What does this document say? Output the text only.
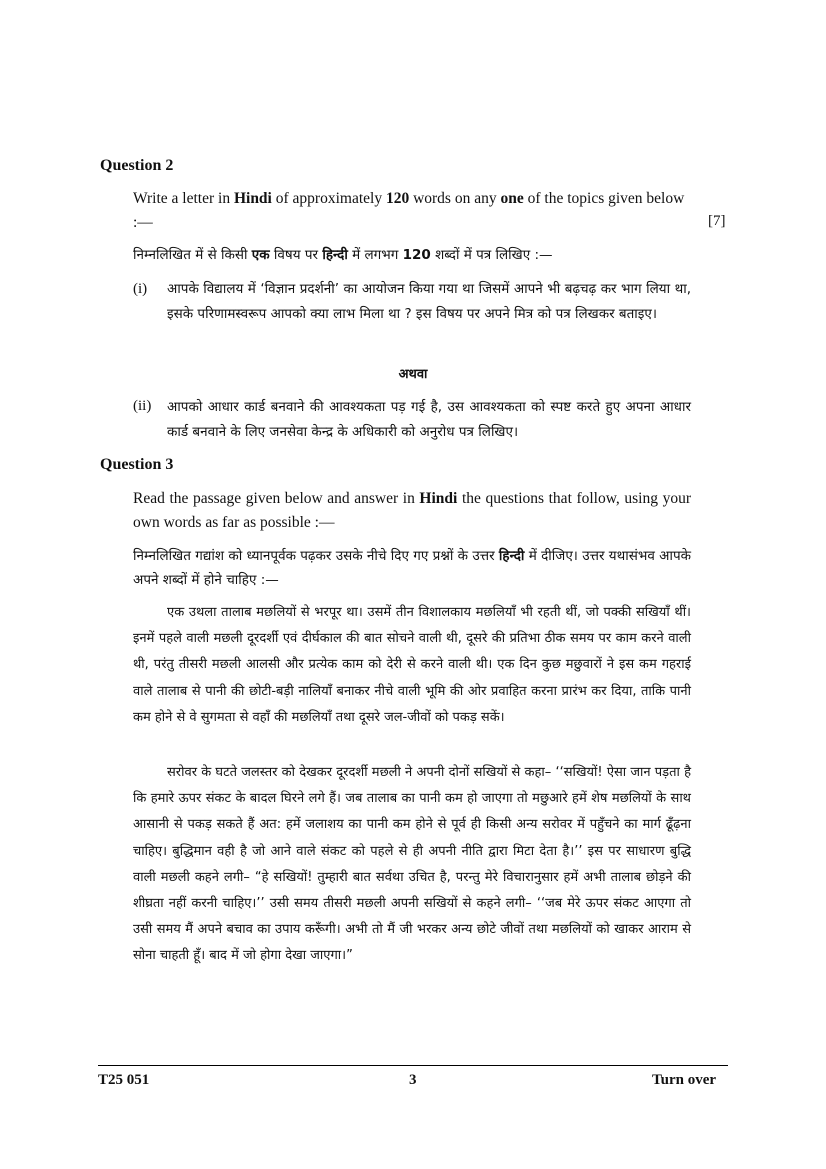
Question 2
Write a letter in Hindi of approximately 120 words on any one of the topics given below :—	[7]
निम्नलिखित में से किसी एक विषय पर हिन्दी में लगभग 120 शब्दों में पत्र लिखिए :—
(i) आपके विद्यालय में ‘विज्ञान प्रदर्शनी’ का आयोजन किया गया था जिसमें आपने भी बढ़चढ़ कर भाग लिया था, इसके परिणामस्वरूप आपको क्या लाभ मिला था ? इस विषय पर अपने मित्र को पत्र लिखकर बताइए।
अथवा
(ii) आपको आधार कार्ड बनवाने की आवश्यकता पड़ गई है, उस आवश्यकता को स्पष्ट करते हुए अपना आधार कार्ड बनवाने के लिए जनसेवा केन्द्र के अधिकारी को अनुरोध पत्र लिखिए।
Question 3
Read the passage given below and answer in Hindi the questions that follow, using your own words as far as possible :—
निम्नलिखित गद्यांश को ध्यानपूर्वक पढ़कर उसके नीचे दिए गए प्रश्नों के उत्तर हिन्दी में दीजिए। उत्तर यथासंभव आपके अपने शब्दों में होने चाहिए :—
एक उथला तालाब मछलियों से भरपूर था। उसमें तीन विशालकाय मछलियाँ भी रहती थीं, जो पक्की सखियाँ थीं। इनमें पहले वाली मछली दूरदर्शी एवं दीर्घकाल की बात सोचने वाली थी, दूसरे की प्रतिभा ठीक समय पर काम करने वाली थी, परंतु तीसरी मछली आलसी और प्रत्येक काम को देरी से करने वाली थी। एक दिन कुछ मछुवारों ने इस कम गहराई वाले तालाब से पानी की छोटी-बड़ी नालियाँ बनाकर नीचे वाली भूमि की ओर प्रवाहित करना प्रारंभ कर दिया, ताकि पानी कम होने से वे सुगमता से वहाँ की मछलियाँ तथा दूसरे जल-जीवों को पकड़ सकें।
सरोवर के घटते जलस्तर को देखकर दूरदर्शी मछली ने अपनी दोनों सखियों से कहा– ‘‘सखियों! ऐसा जान पड़ता है कि हमारे ऊपर संकट के बादल घिरने लगे हैं। जब तालाब का पानी कम हो जाएगा तो मछुआरे हमें शेष मछलियों के साथ आसानी से पकड़ सकते हैं अत: हमें जलाशय का पानी कम होने से पूर्व ही किसी अन्य सरोवर में पहुँचने का मार्ग ढूँढ़ना चाहिए। बुद्धिमान वही है जो आने वाले संकट को पहले से ही अपनी नीति द्वारा मिटा देता है।’’ इस पर साधारण बुद्धि वाली मछली कहने लगी– “हे सखियों! तुम्हारी बात सर्वथा उचित है, परन्तु मेरे विचारानुसार हमें अभी तालाब छोड़ने की शीघ्रता नहीं करनी चाहिए।’’ उसी समय तीसरी मछली अपनी सखियों से कहने लगी– ‘‘जब मेरे ऊपर संकट आएगा तो उसी समय मैं अपने बचाव का उपाय करूँगी। अभी तो मैं जी भरकर अन्य छोटे जीवों तथा मछलियों को खाकर आराम से सोना चाहती हूँ। बाद में जो होगा देखा जाएगा।”
T25 051	3	Turn over
